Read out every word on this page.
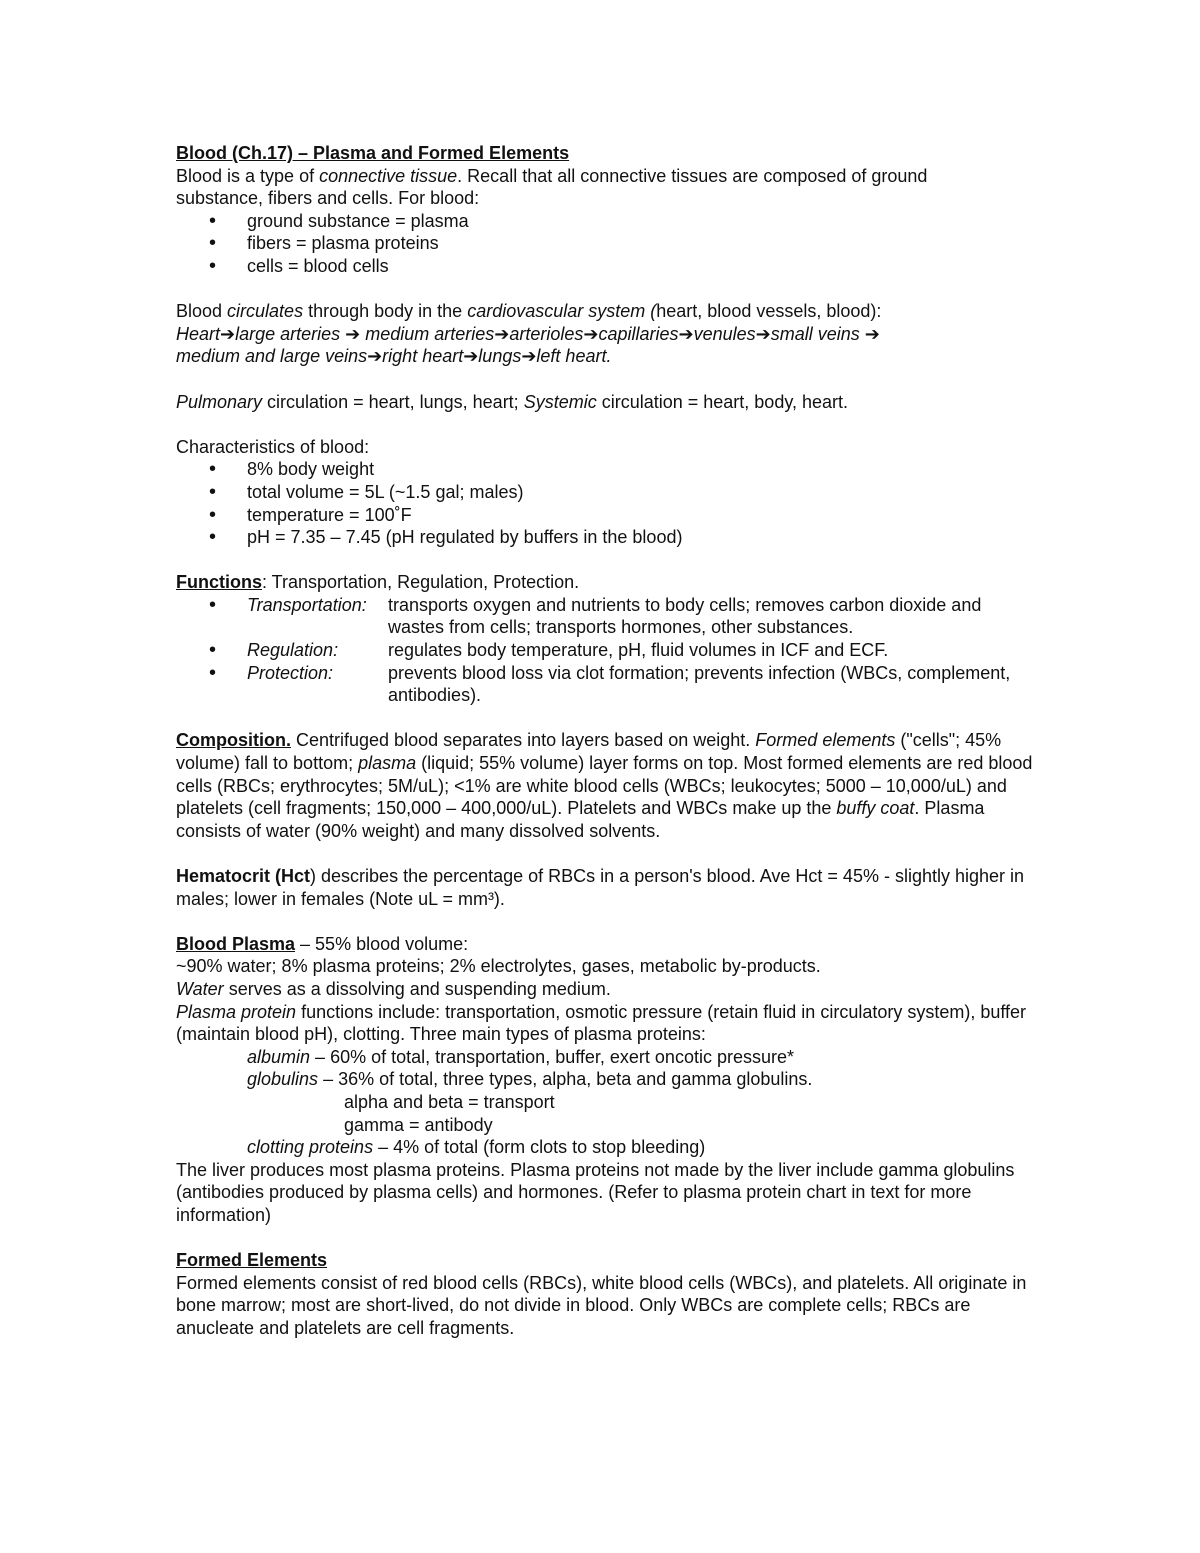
Blood (Ch.17) – Plasma and Formed Elements
Blood is a type of connective tissue. Recall that all connective tissues are composed of ground
substance, fibers and cells. For blood:
• ground substance = plasma
• fibers = plasma proteins
• cells = blood cells
Blood circulates through body in the cardiovascular system (heart, blood vessels, blood):
Heart➔large arteries ➔ medium arteries➔arterioles➔capillaries➔venules➔small veins ➔
medium and large veins➔right heart➔lungs➔left heart.
Pulmonary circulation = heart, lungs, heart; Systemic circulation = heart, body, heart.
Characteristics of blood:
• 8% body weight
• total volume = 5L (~1.5 gal; males)
• temperature = 100˚F
• pH = 7.35 – 7.45 (pH regulated by buffers in the blood)
Functions: Transportation, Regulation, Protection.
• Transportation:	transports oxygen and nutrients to body cells; removes carbon dioxide and wastes from cells; transports hormones, other substances.
• Regulation:	regulates body temperature, pH, fluid volumes in ICF and ECF.
• Protection:	prevents blood loss via clot formation; prevents infection (WBCs, complement, antibodies).
Composition. Centrifuged blood separates into layers based on weight. Formed elements ("cells"; 45% volume) fall to bottom; plasma (liquid; 55% volume) layer forms on top. Most formed elements are red blood cells (RBCs; erythrocytes; 5M/uL); <1% are white blood cells (WBCs; leukocytes; 5000 – 10,000/uL) and platelets (cell fragments; 150,000 – 400,000/uL). Platelets and WBCs make up the buffy coat. Plasma consists of water (90% weight) and many dissolved solvents.
Hematocrit (Hct) describes the percentage of RBCs in a person's blood. Ave Hct = 45% - slightly higher in males; lower in females (Note uL = mm³).
Blood Plasma – 55% blood volume:
~90% water; 8% plasma proteins; 2% electrolytes, gases, metabolic by-products.
Water serves as a dissolving and suspending medium.
Plasma protein functions include: transportation, osmotic pressure (retain fluid in circulatory system), buffer (maintain blood pH), clotting. Three main types of plasma proteins:
albumin – 60% of total, transportation, buffer, exert oncotic pressure*
globulins – 36% of total, three types, alpha, beta and gamma globulins.
alpha and beta = transport
gamma = antibody
clotting proteins – 4% of total (form clots to stop bleeding)
The liver produces most plasma proteins. Plasma proteins not made by the liver include gamma globulins (antibodies produced by plasma cells) and hormones. (Refer to plasma protein chart in text for more information)
Formed Elements
Formed elements consist of red blood cells (RBCs), white blood cells (WBCs), and platelets. All originate in bone marrow; most are short-lived, do not divide in blood. Only WBCs are complete cells; RBCs are anucleate and platelets are cell fragments.
